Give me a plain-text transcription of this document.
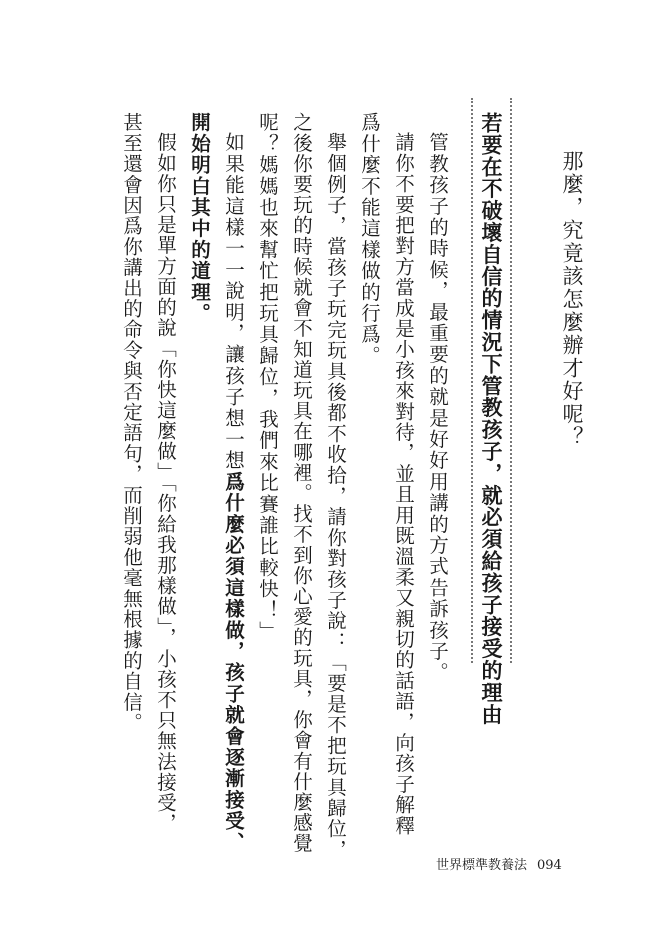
那麼，究竟該怎麼辦才好呢？
若要在不破壞自信的情況下管教孩子，就必須給孩子接受的理由
管教孩子的時候，最重要的就是好好用講的方式告訴孩子。
請你不要把對方當成是小孩來對待，並且用既溫柔又親切的話語，向孩子解釋
爲什麼不能這樣做的行爲。
舉個例子，當孩子玩完玩具後都不收拾，請你對孩子說：「要是不把玩具歸位，
之後你要玩的時候就會不知道玩具在哪裡。找不到你心愛的玩具，你會有什麼感覺
呢？媽媽也來幫忙把玩具歸位，我們來比賽誰比較快！」
如果能這樣一一說明，讓孩子想一想爲什麼必須這樣做，孩子就會逐漸接受、
開始明白其中的道理。
假如你只是單方面的說「你快這麼做」「你給我那樣做」，小孩不只無法接受，
甚至還會因爲你講出的命令與否定語句，而削弱他毫無根據的自信。
世界標準教養法 094
